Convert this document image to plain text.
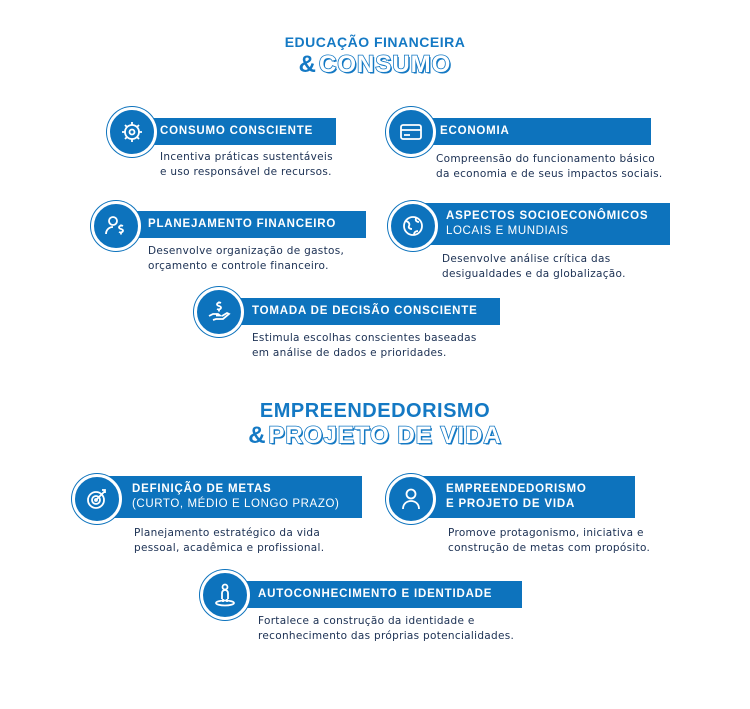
EDUCAÇÃO FINANCEIRA
& CONSUMO
CONSUMO CONSCIENTE
Incentiva práticas sustentáveis
e uso responsável de recursos.
ECONOMIA
Compreensão do funcionamento básico
da economia e de seus impactos sociais.
PLANEJAMENTO FINANCEIRO
Desenvolve organização de gastos,
orçamento e controle financeiro.
ASPECTOS SOCIOECONÔMICOS
LOCAIS E MUNDIAIS
Desenvolve análise crítica das
desigualdades e da globalização.
TOMADA DE DECISÃO CONSCIENTE
Estimula escolhas conscientes baseadas
em análise de dados e prioridades.
EMPREENDEDORISMO
& PROJETO DE VIDA
DEFINIÇÃO DE METAS
(CURTO, MÉDIO E LONGO PRAZO)
Planejamento estratégico da vida
pessoal, acadêmica e profissional.
EMPREENDEDORISMO
E PROJETO DE VIDA
Promove protagonismo, iniciativa e
construção de metas com propósito.
AUTOCONHECIMENTO E IDENTIDADE
Fortalece a construção da identidade e
reconhecimento das próprias potencialidades.
